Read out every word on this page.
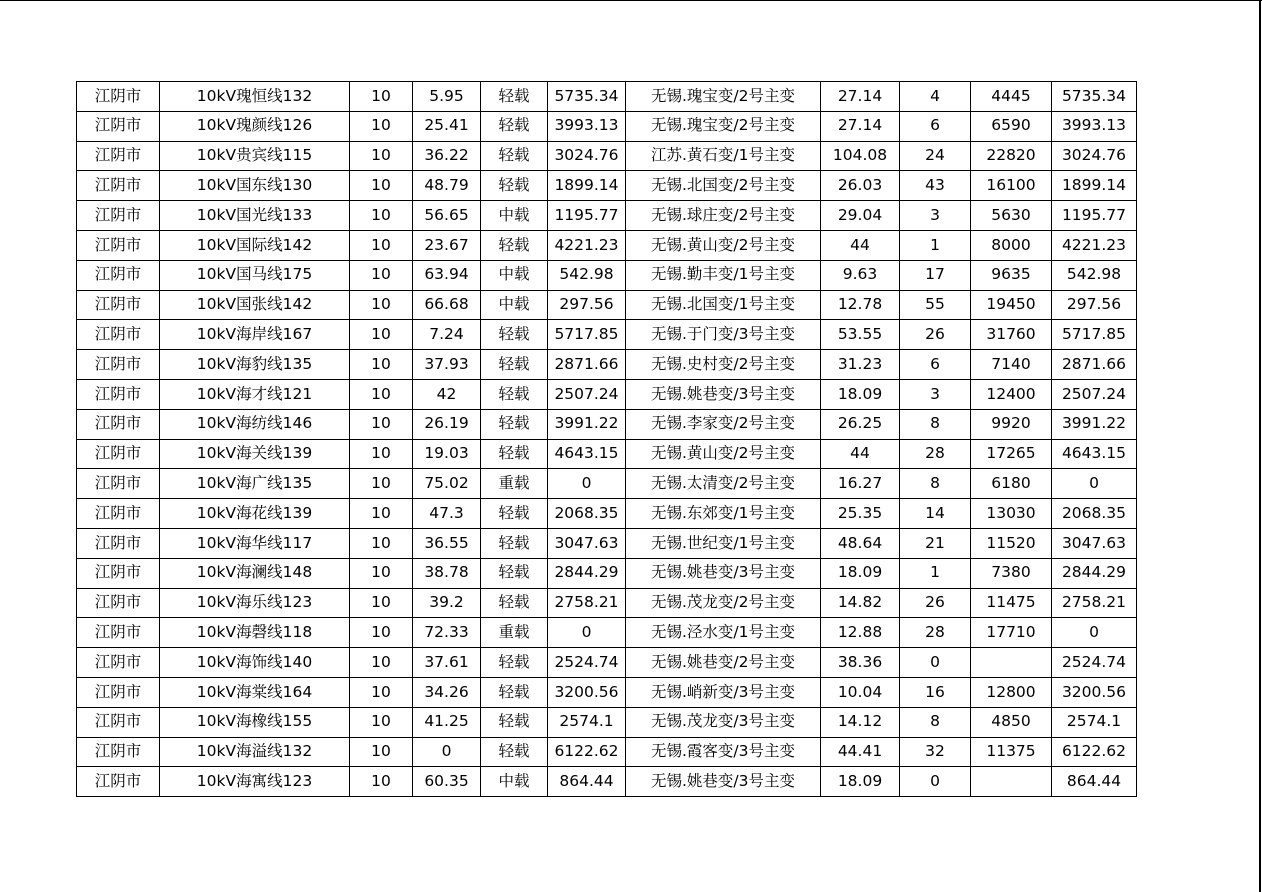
江阴市	10kV瑰恒线132	10	5.95	轻载	5735.34	无锡.瑰宝变/2号主变	27.14	4	4445	5735.34
江阴市	10kV瑰颜线126	10	25.41	轻载	3993.13	无锡.瑰宝变/2号主变	27.14	6	6590	3993.13
江阴市	10kV贵宾线115	10	36.22	轻载	3024.76	江苏.黄石变/1号主变	104.08	24	22820	3024.76
江阴市	10kV国东线130	10	48.79	轻载	1899.14	无锡.北国变/2号主变	26.03	43	16100	1899.14
江阴市	10kV国光线133	10	56.65	中载	1195.77	无锡.球庄变/2号主变	29.04	3	5630	1195.77
江阴市	10kV国际线142	10	23.67	轻载	4221.23	无锡.黄山变/2号主变	44	1	8000	4221.23
江阴市	10kV国马线175	10	63.94	中载	542.98	无锡.勤丰变/1号主变	9.63	17	9635	542.98
江阴市	10kV国张线142	10	66.68	中载	297.56	无锡.北国变/1号主变	12.78	55	19450	297.56
江阴市	10kV海岸线167	10	7.24	轻载	5717.85	无锡.于门变/3号主变	53.55	26	31760	5717.85
江阴市	10kV海豹线135	10	37.93	轻载	2871.66	无锡.史村变/2号主变	31.23	6	7140	2871.66
江阴市	10kV海才线121	10	42	轻载	2507.24	无锡.姚巷变/3号主变	18.09	3	12400	2507.24
江阴市	10kV海纺线146	10	26.19	轻载	3991.22	无锡.李家变/2号主变	26.25	8	9920	3991.22
江阴市	10kV海关线139	10	19.03	轻载	4643.15	无锡.黄山变/2号主变	44	28	17265	4643.15
江阴市	10kV海广线135	10	75.02	重载	0	无锡.太清变/2号主变	16.27	8	6180	0
江阴市	10kV海花线139	10	47.3	轻载	2068.35	无锡.东郊变/1号主变	25.35	14	13030	2068.35
江阴市	10kV海华线117	10	36.55	轻载	3047.63	无锡.世纪变/1号主变	48.64	21	11520	3047.63
江阴市	10kV海澜线148	10	38.78	轻载	2844.29	无锡.姚巷变/3号主变	18.09	1	7380	2844.29
江阴市	10kV海乐线123	10	39.2	轻载	2758.21	无锡.茂龙变/2号主变	14.82	26	11475	2758.21
江阴市	10kV海磬线118	10	72.33	重载	0	无锡.泾水变/1号主变	12.88	28	17710	0
江阴市	10kV海饰线140	10	37.61	轻载	2524.74	无锡.姚巷变/2号主变	38.36	0		2524.74
江阴市	10kV海棠线164	10	34.26	轻载	3200.56	无锡.峭新变/3号主变	10.04	16	12800	3200.56
江阴市	10kV海橡线155	10	41.25	轻载	2574.1	无锡.茂龙变/3号主变	14.12	8	4850	2574.1
江阴市	10kV海溢线132	10	0	轻载	6122.62	无锡.霞客变/3号主变	44.41	32	11375	6122.62
江阴市	10kV海寓线123	10	60.35	中载	864.44	无锡.姚巷变/3号主变	18.09	0		864.44
